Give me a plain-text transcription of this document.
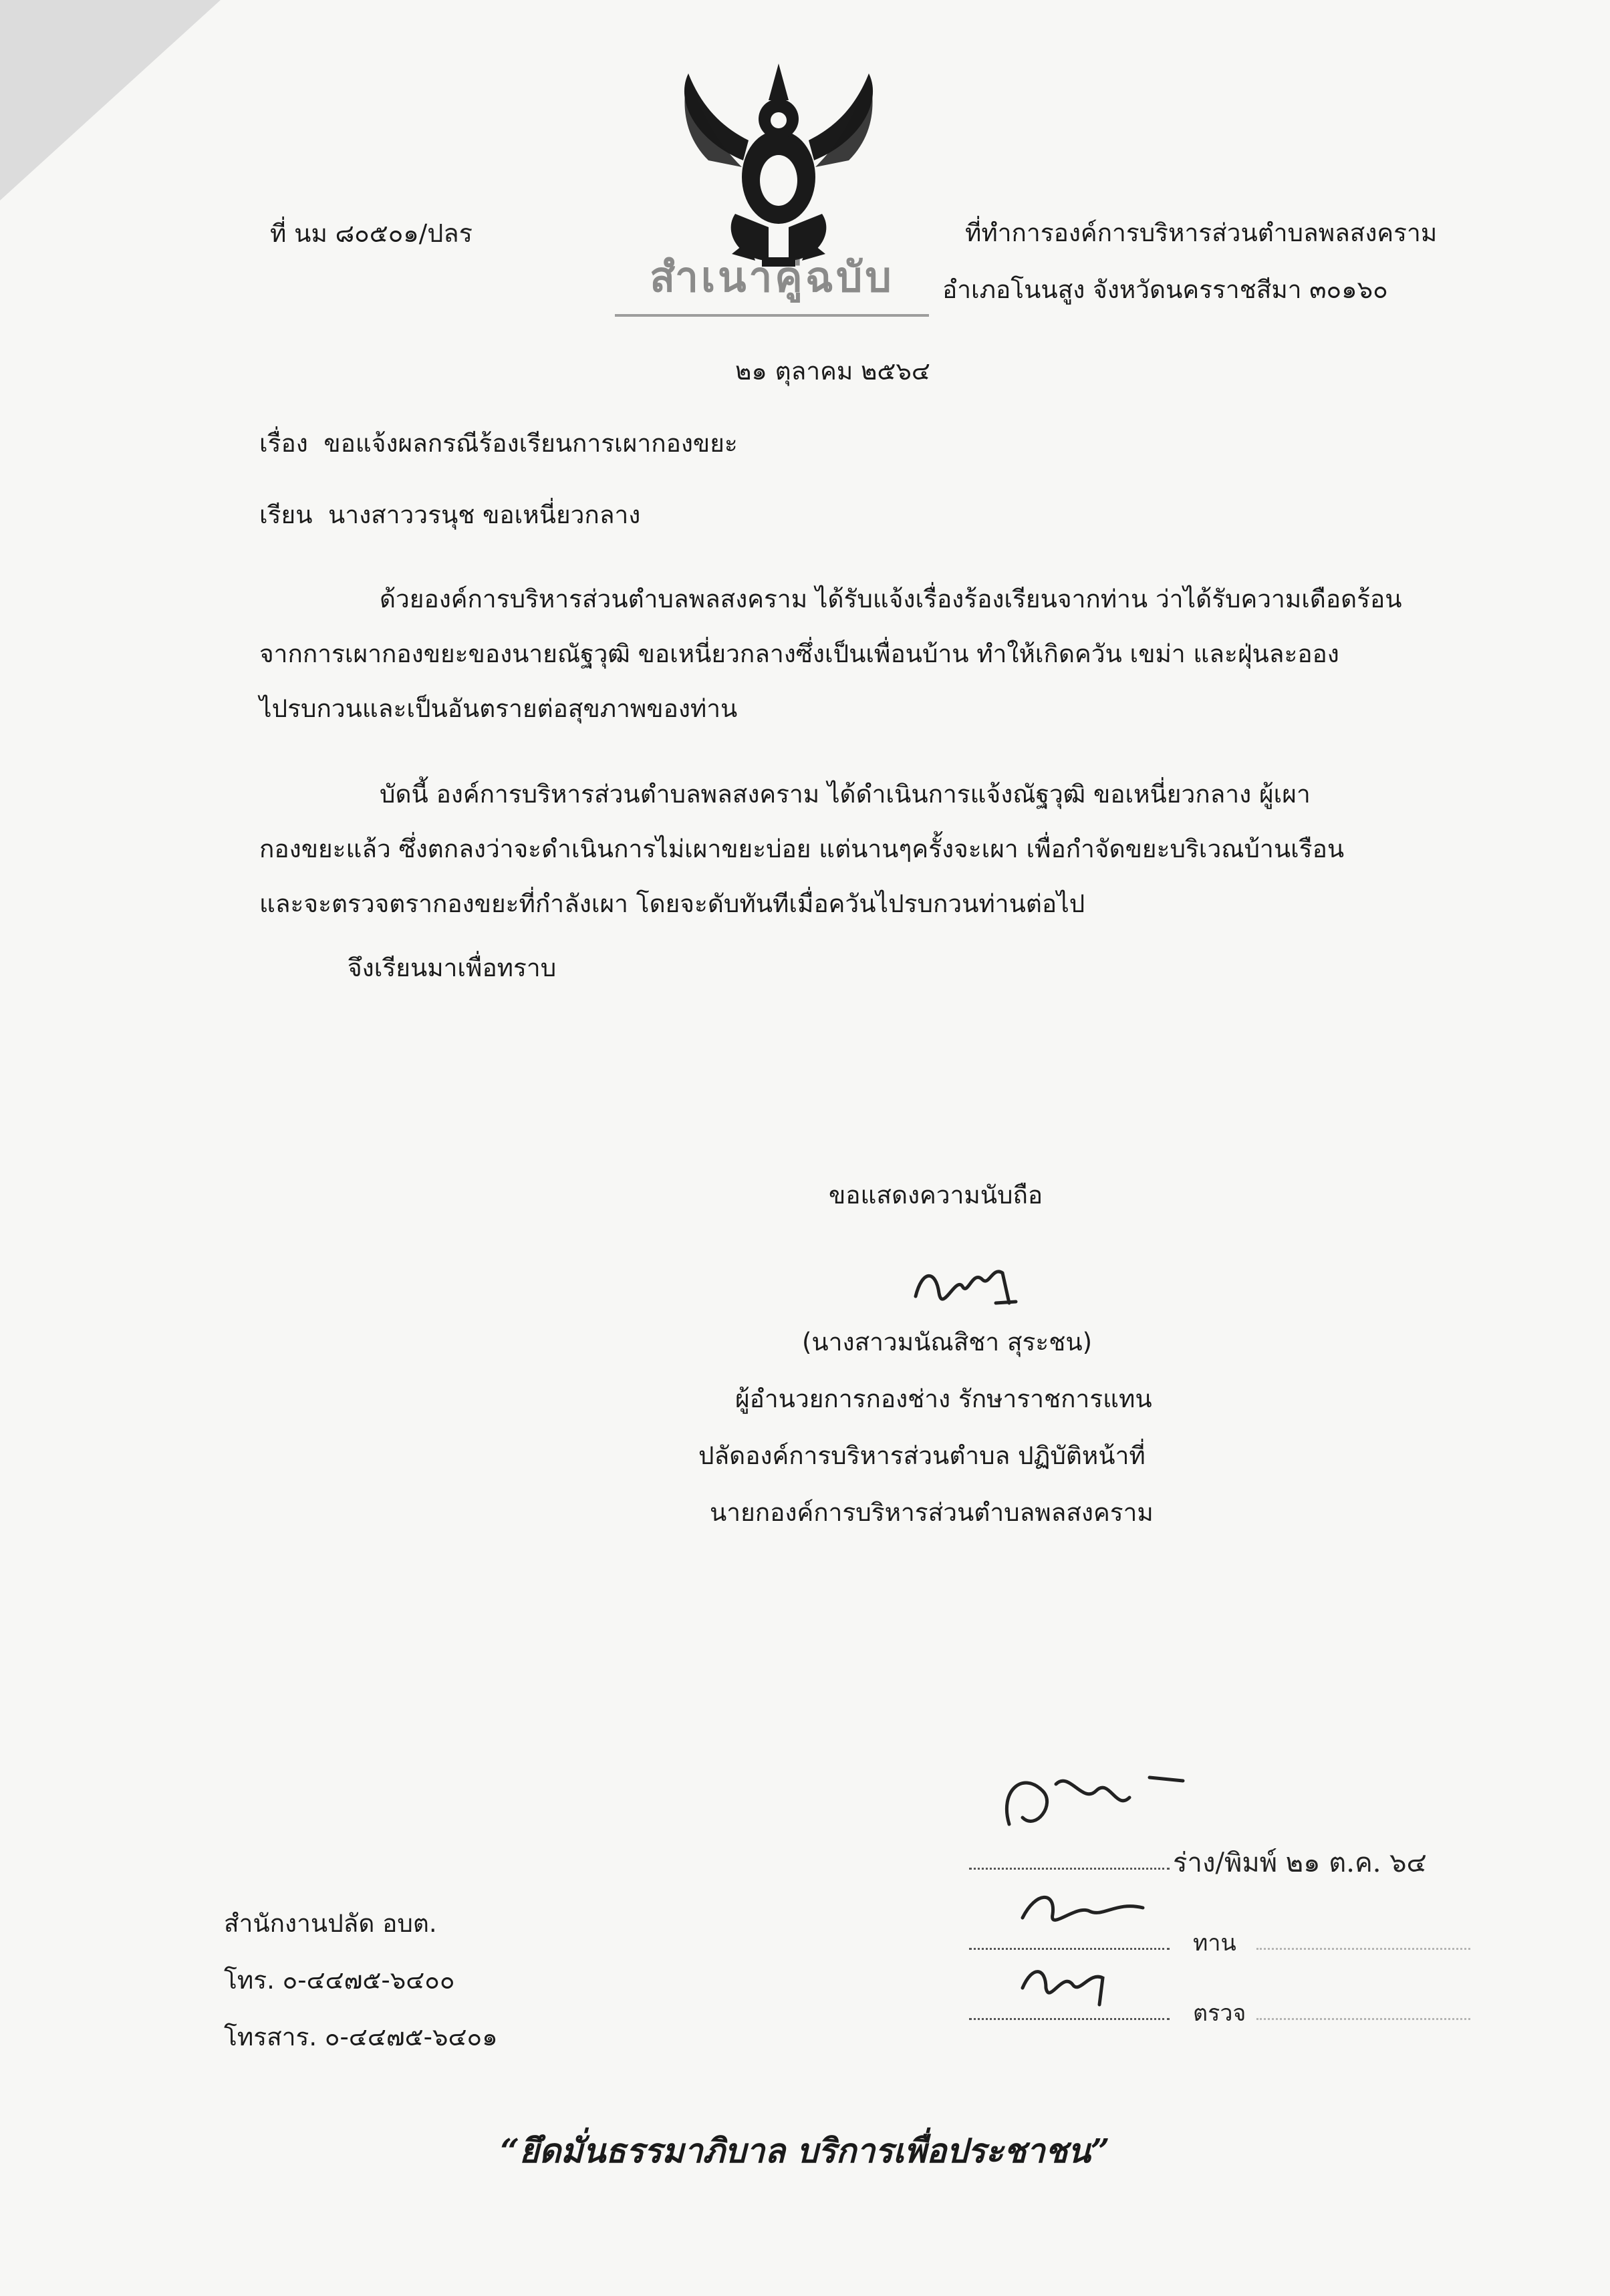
สำเนาคู่ฉบับ
ที่ นม ๘๐๕๐๑/ปลร	ที่ทำการองค์การบริหารส่วนตำบลพลสงคราม
อำเภอโนนสูง จังหวัดนครราชสีมา ๓๐๑๖๐
๒๑ ตุลาคม ๒๕๖๔
เรื่อง ขอแจ้งผลกรณีร้องเรียนการเผากองขยะ
เรียน นางสาววรนุช ขอเหนี่ยวกลาง
ด้วยองค์การบริหารส่วนตำบลพลสงคราม ได้รับแจ้งเรื่องร้องเรียนจากท่าน ว่าได้รับความเดือดร้อน
จากการเผากองขยะของนายณัฐวุฒิ ขอเหนี่ยวกลางซึ่งเป็นเพื่อนบ้าน ทำให้เกิดควัน เขม่า และฝุ่นละออง
ไปรบกวนและเป็นอันตรายต่อสุขภาพของท่าน
บัดนี้ องค์การบริหารส่วนตำบลพลสงคราม ได้ดำเนินการแจ้งณัฐวุฒิ ขอเหนี่ยวกลาง ผู้เผา
กองขยะแล้ว ซึ่งตกลงว่าจะดำเนินการไม่เผาขยะบ่อย แต่นานๆครั้งจะเผา เพื่อกำจัดขยะบริเวณบ้านเรือน
และจะตรวจตรากองขยะที่กำลังเผา โดยจะดับทันทีเมื่อควันไปรบกวนท่านต่อไป
จึงเรียนมาเพื่อทราบ
ขอแสดงความนับถือ
(นางสาวมนัณสิชา สุระชน)
ผู้อำนวยการกองช่าง รักษาราชการแทน
ปลัดองค์การบริหารส่วนตำบล ปฏิบัติหน้าที่
นายกองค์การบริหารส่วนตำบลพลสงคราม
ร่าง/พิมพ์ ๒๑ ต.ค. ๖๔
ทาน
ตรวจ
สำนักงานปลัด อบต.
โทร. ๐-๔๔๗๕-๖๔๐๐
โทรสาร. ๐-๔๔๗๕-๖๔๐๑
“ยึดมั่นธรรมาภิบาล บริการเพื่อประชาชน”
